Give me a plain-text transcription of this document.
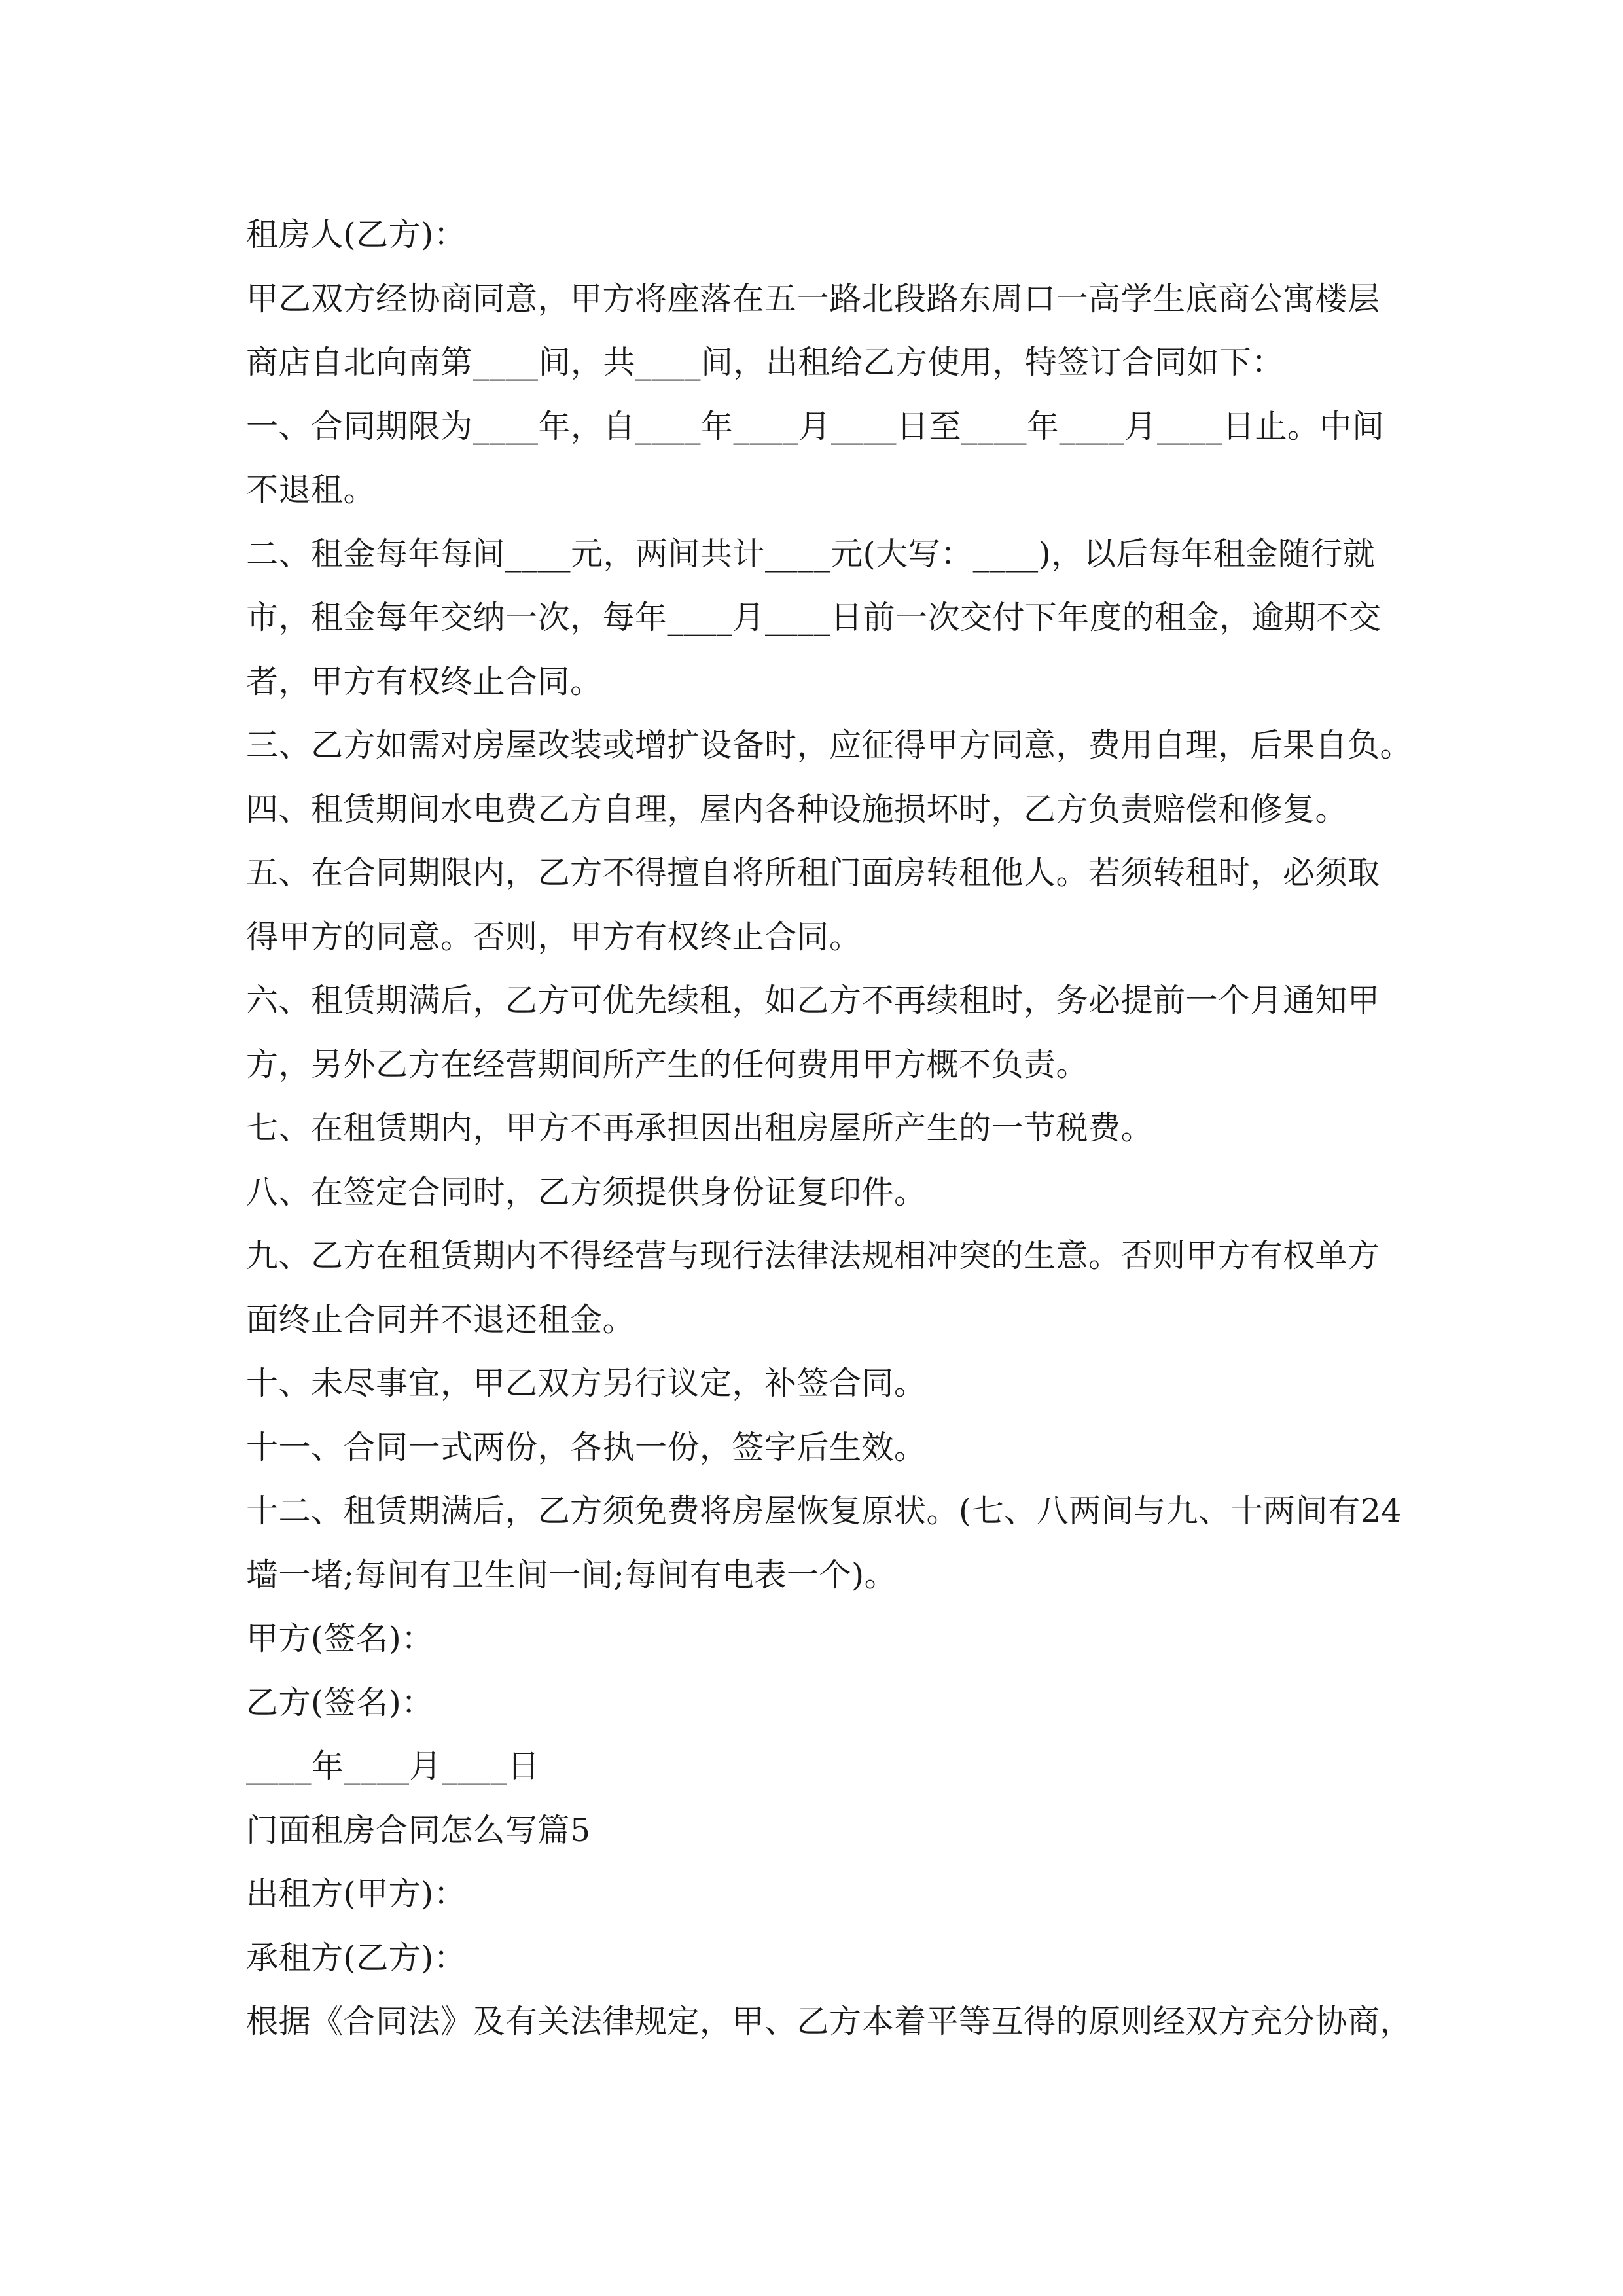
租房人(乙方)：

甲乙双方经协商同意，甲方将座落在五一路北段路东周口一高学生底商公寓楼层

商店自北向南第____间，共____间，出租给乙方使用，特签订合同如下：

一、合同期限为____年，自____年____月____日至____年____月____日止。中间

不退租。

二、租金每年每间____元，两间共计____元(大写：____)，以后每年租金随行就

市，租金每年交纳一次，每年____月____日前一次交付下年度的租金，逾期不交

者，甲方有权终止合同。

三、乙方如需对房屋改装或增扩设备时，应征得甲方同意，费用自理，后果自负。

四、租赁期间水电费乙方自理，屋内各种设施损坏时，乙方负责赔偿和修复。

五、在合同期限内，乙方不得擅自将所租门面房转租他人。若须转租时，必须取

得甲方的同意。否则，甲方有权终止合同。

六、租赁期满后，乙方可优先续租，如乙方不再续租时，务必提前一个月通知甲

方，另外乙方在经营期间所产生的任何费用甲方概不负责。

七、在租赁期内，甲方不再承担因出租房屋所产生的一节税费。

八、在签定合同时，乙方须提供身份证复印件。

九、乙方在租赁期内不得经营与现行法律法规相冲突的生意。否则甲方有权单方

面终止合同并不退还租金。

十、未尽事宜，甲乙双方另行议定，补签合同。

十一、合同一式两份，各执一份，签字后生效。

十二、租赁期满后，乙方须免费将房屋恢复原状。(七、八两间与九、十两间有24

墙一堵;每间有卫生间一间;每间有电表一个)。

甲方(签名)：

乙方(签名)：

____年____月____日

门面租房合同怎么写篇5

出租方(甲方)：

承租方(乙方)：

根据《合同法》及有关法律规定，甲、乙方本着平等互得的原则经双方充分协商，
